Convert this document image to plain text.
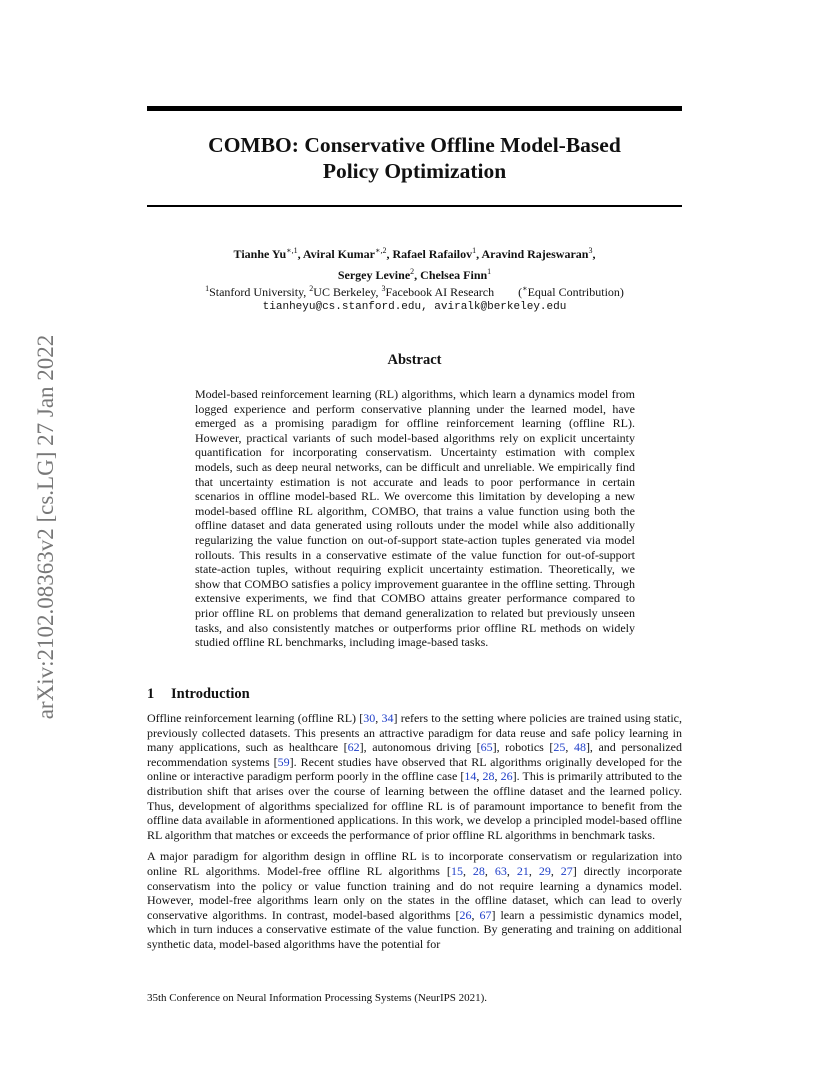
arXiv:2102.08363v2 [cs.LG] 27 Jan 2022
COMBO: Conservative Offline Model-Based
Policy Optimization
Tianhe $Yu^{∗,1}$, Aviral Kumar$^{∗,2}$, Rafael Rafailov$^1$, Aravind Rajeswaran$^3$,
Sergey Levine$^2$, Chelsea Finn$^1$
$^1$Stanford University, $^2$UC Berkeley, $^3$Facebook AI Research        (∗Equal Contribution)
tianheyu@cs.stanford.edu, aviralk@berkeley.edu
Abstract
Model-based reinforcement learning (RL) algorithms, which learn a dynamics model from logged experience and perform conservative planning under the learned model, have emerged as a promising paradigm for offline reinforcement learning (offline RL). However, practical variants of such model-based algorithms rely on explicit uncertainty quantification for incorporating conservatism. Uncertainty estimation with complex models, such as deep neural networks, can be difficult and unreliable. We empirically find that uncertainty estimation is not accurate and leads to poor performance in certain scenarios in offline model-based RL. We overcome this limitation by developing a new model-based offline RL algorithm, COMBO, that trains a value function using both the offline dataset and data generated using rollouts under the model while also additionally regularizing the value function on out-of-support state-action tuples generated via model rollouts. This results in a conservative estimate of the value function for out-of-support state-action tuples, without requiring explicit uncertainty estimation. Theoretically, we show that COMBO satisfies a policy improvement guarantee in the offline setting. Through extensive experiments, we find that COMBO attains greater performance compared to prior offline RL on problems that demand generalization to related but previously unseen tasks, and also consistently matches or outperforms prior offline RL methods on widely studied offline RL benchmarks, including image-based tasks.
1 Introduction

Offline reinforcement learning (offline RL) [30, 34] refers to the setting where policies are trained using static, previously collected datasets. This presents an attractive paradigm for data reuse and safe policy learning in many applications, such as healthcare [62], autonomous driving [65], robotics [25, 48], and personalized recommendation systems [59]. Recent studies have observed that RL algorithms originally developed for the online or interactive paradigm perform poorly in the offline case [14, 28, 26]. This is primarily attributed to the distribution shift that arises over the course of learning between the offline dataset and the learned policy. Thus, development of algorithms specialized for offline RL is of paramount importance to benefit from the offline data available in aformentioned applications. In this work, we develop a principled model-based offline RL algorithm that matches or exceeds the performance of prior offline RL algorithms in benchmark tasks.

A major paradigm for algorithm design in offline RL is to incorporate conservatism or regularization into online RL algorithms. Model-free offline RL algorithms [15, 28, 63, 21, 29, 27] directly incorporate conservatism into the policy or value function training and do not require learning a dynamics model. However, model-free algorithms learn only on the states in the offline dataset, which can lead to overly conservative algorithms. In contrast, model-based algorithms [26, 67] learn a pessimistic dynamics model, which in turn induces a conservative estimate of the value function. By generating and training on additional synthetic data, model-based algorithms have the potential for

35th Conference on Neural Information Processing Systems (NeurIPS 2021).
